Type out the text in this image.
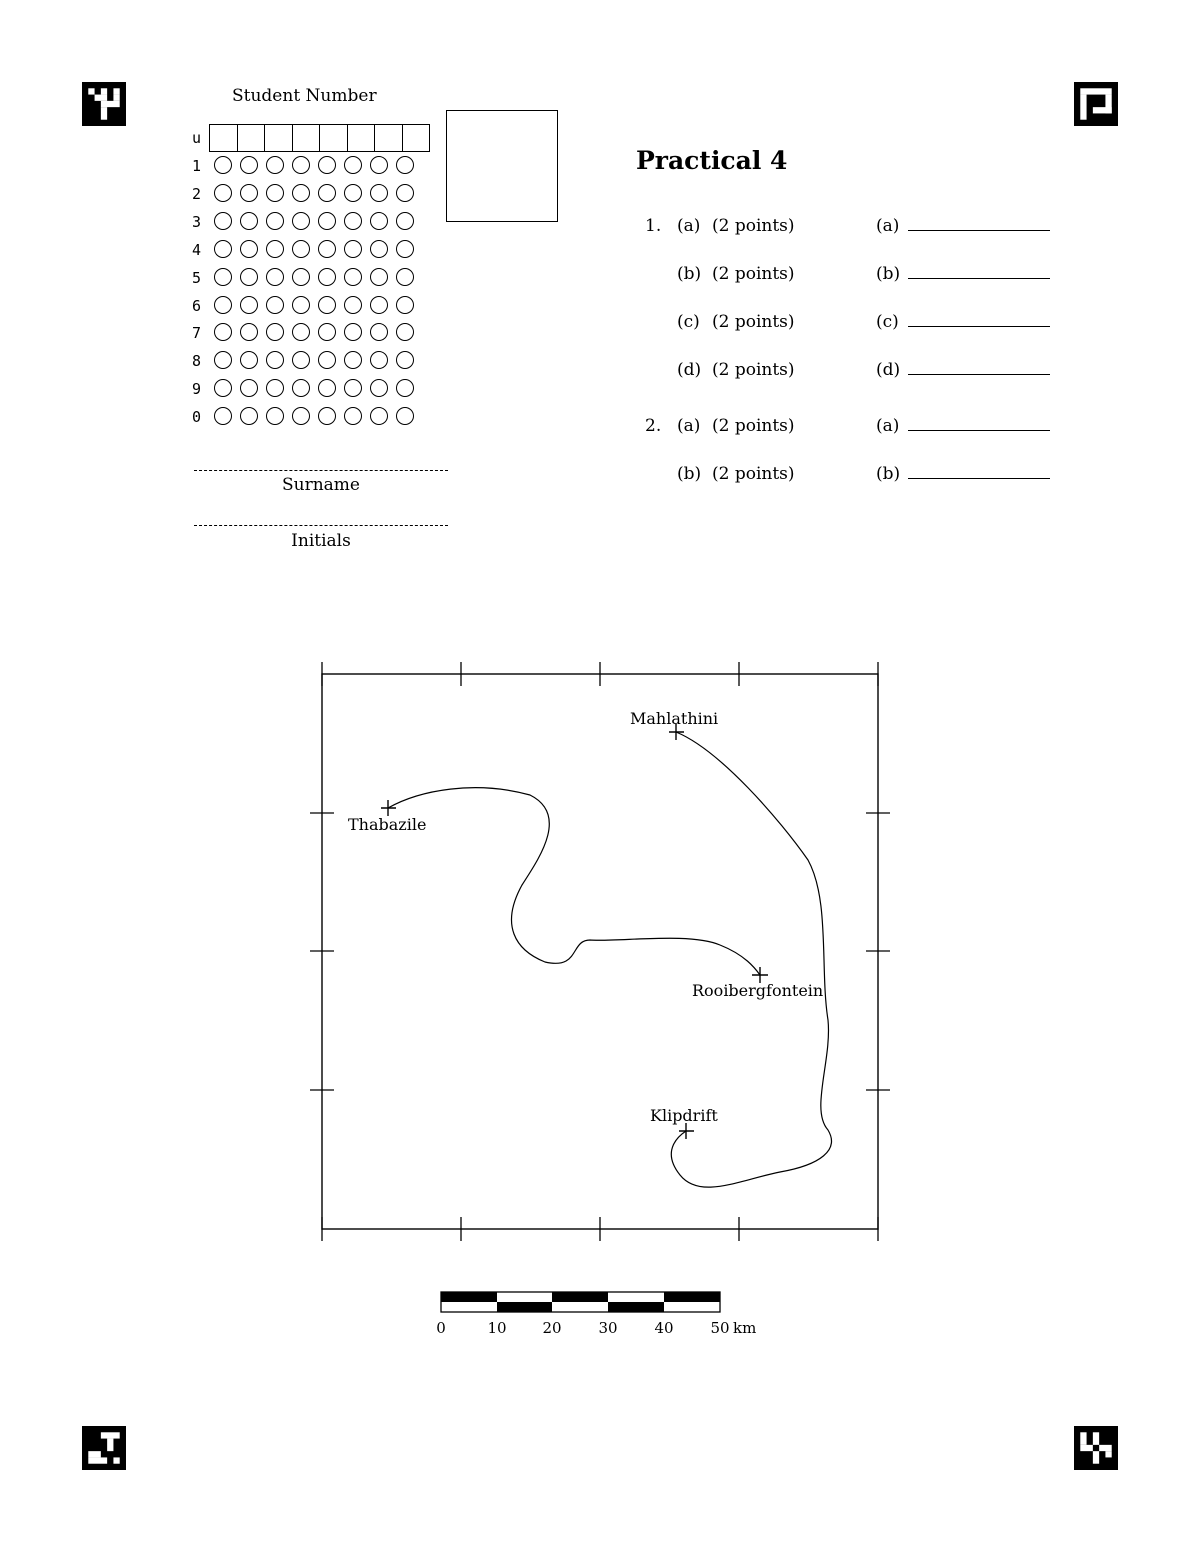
Student Number
u
1
2
3
4
5
6
7
8
9
0
Surname
Initials
Practical 4
1. (a) (2 points)	(a)
(b) (2 points)	(b)
(c) (2 points)	(c)
(d) (2 points)	(d)
2. (a) (2 points)	(a)
(b) (2 points)	(b)
Mahlathini
Thabazile
Rooibergfontein
Klipdrift
0	10 20 30 40 50 km
